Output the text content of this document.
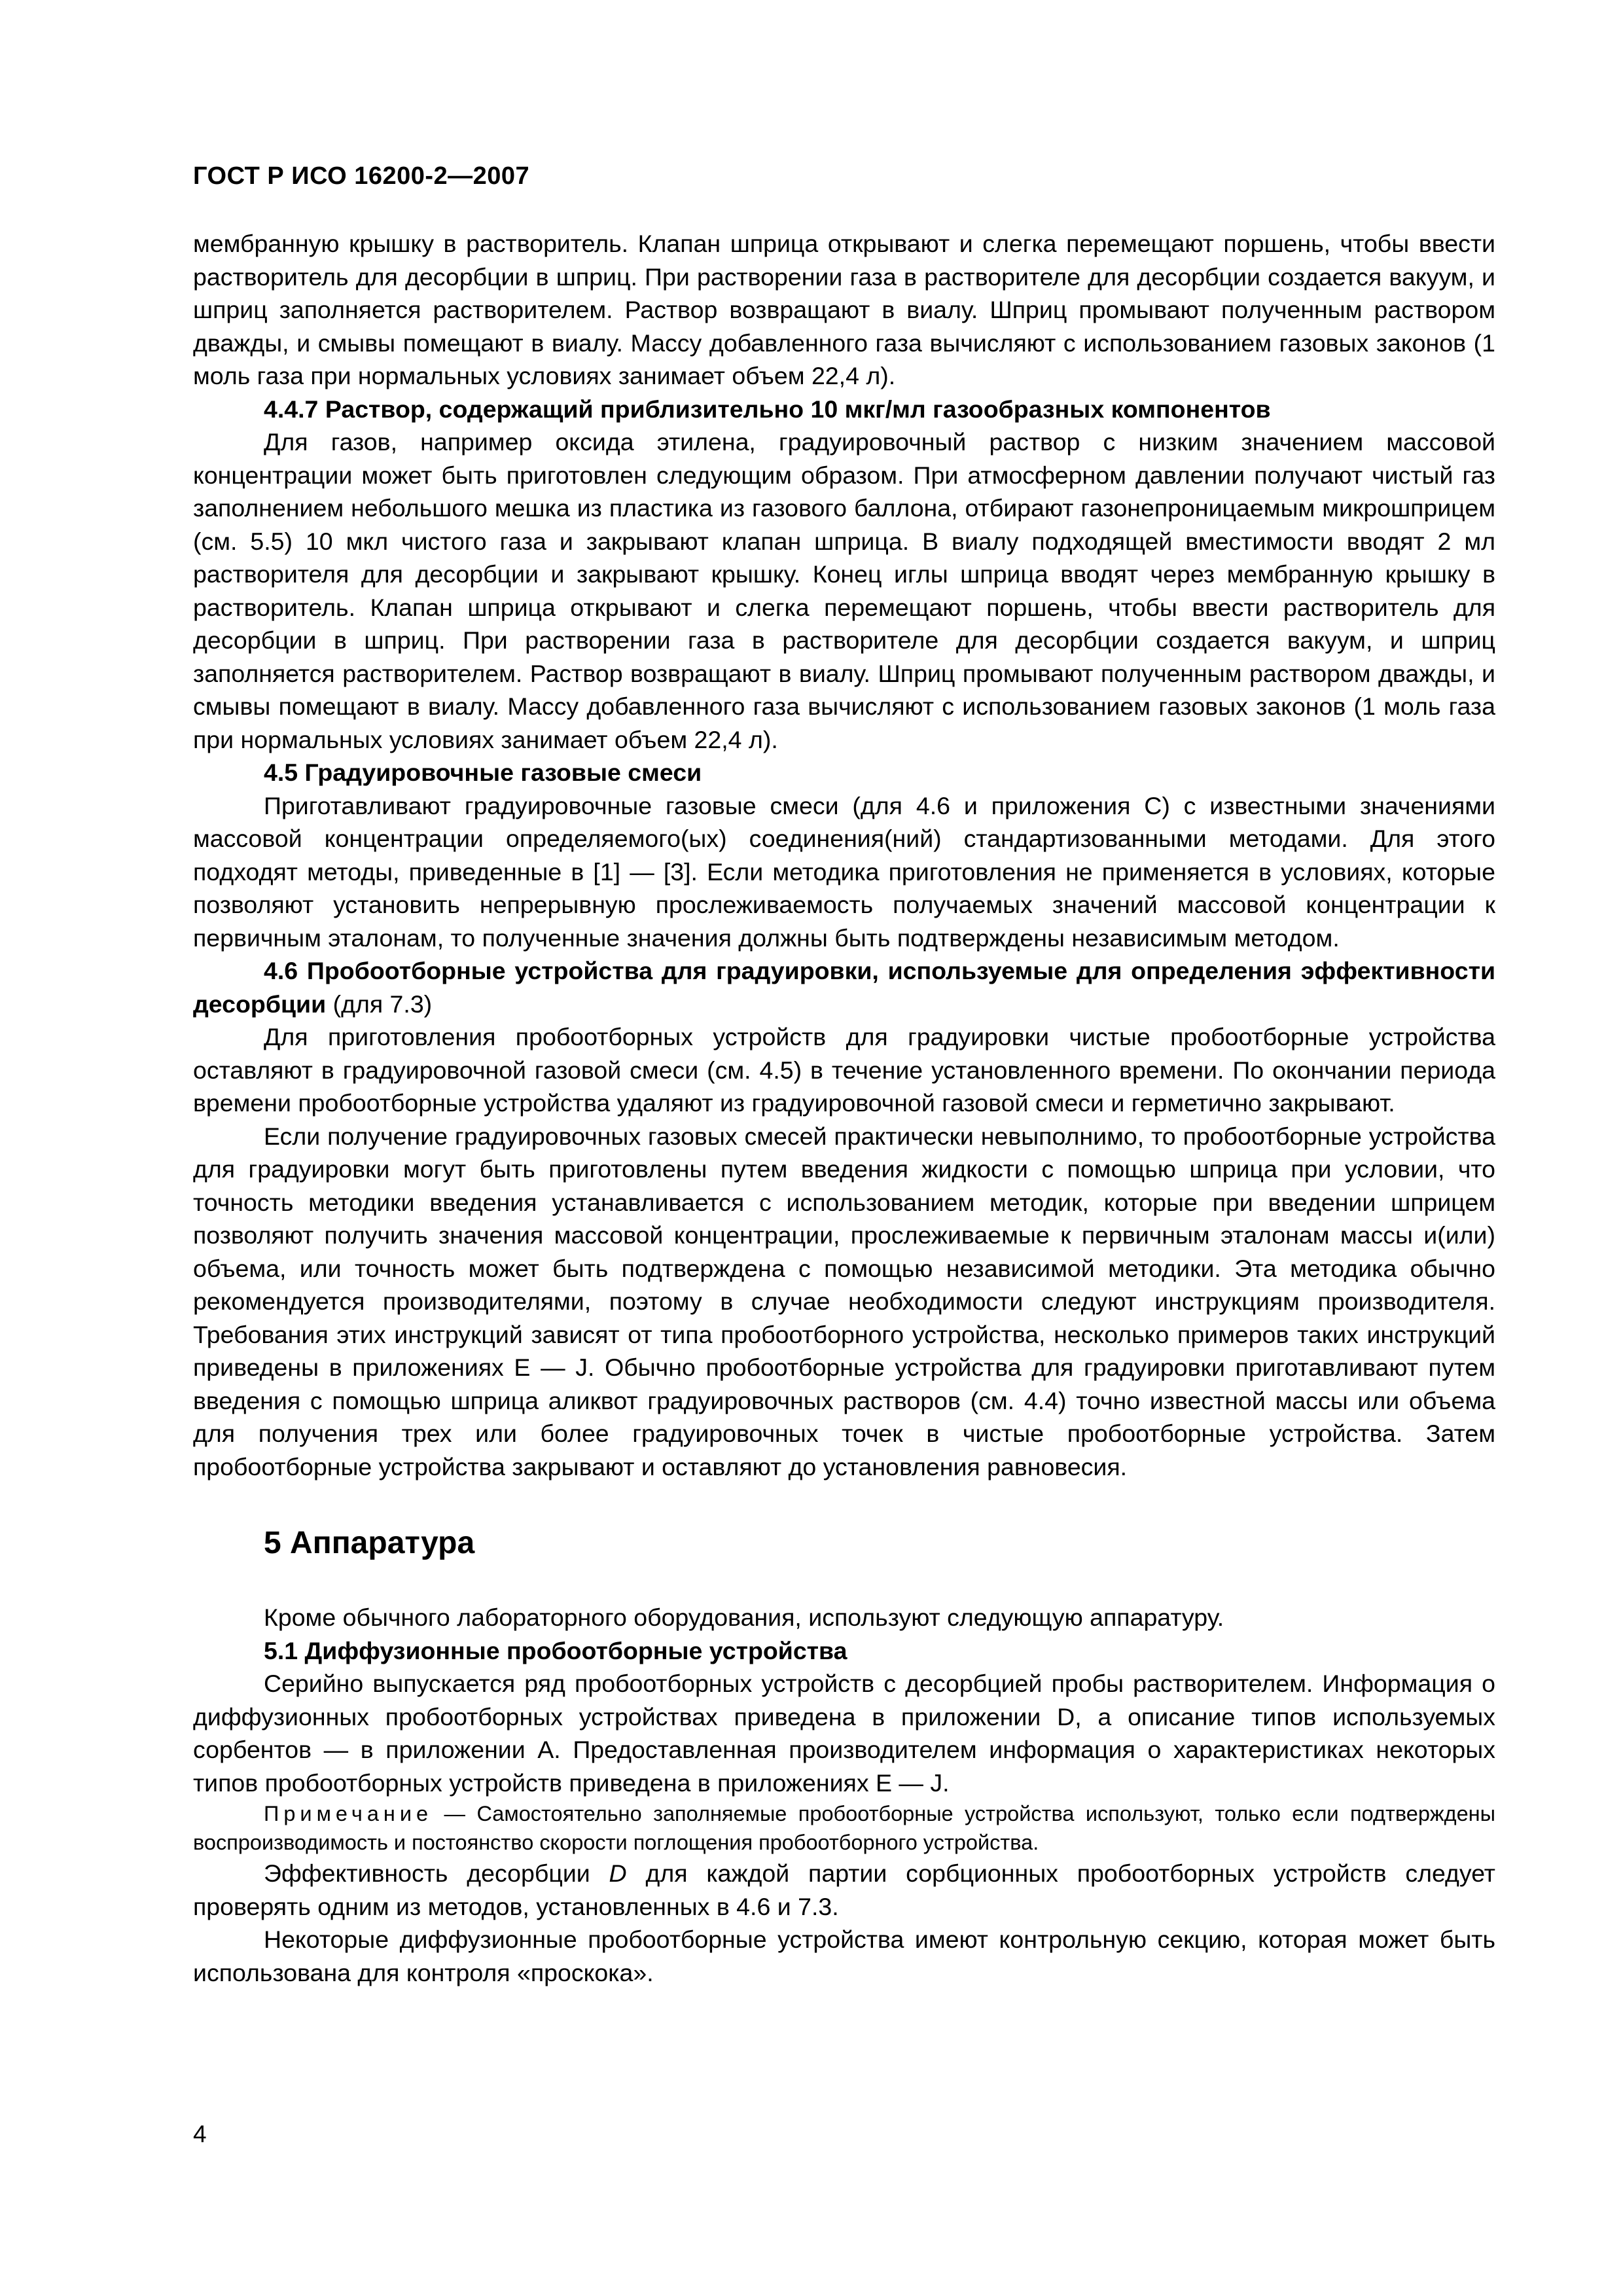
ГОСТ Р ИСО 16200-2—2007

мембранную крышку в растворитель. Клапан шприца открывают и слегка перемещают поршень, чтобы ввести растворитель для десорбции в шприц. При растворении газа в растворителе для десорбции создается вакуум, и шприц заполняется растворителем. Раствор возвращают в виалу. Шприц промывают полученным раствором дважды, и смывы помещают в виалу. Массу добавленного газа вычисляют с использованием газовых законов (1 моль газа при нормальных условиях занимает объем 22,4 л).

4.4.7 Раствор, содержащий приблизительно 10 мкг/мл газообразных компонентов

Для газов, например оксида этилена, градуировочный раствор с низким значением массовой концентрации может быть приготовлен следующим образом. При атмосферном давлении получают чистый газ заполнением небольшого мешка из пластика из газового баллона, отбирают газонепроницаемым микрошприцем (см. 5.5) 10 мкл чистого газа и закрывают клапан шприца. В виалу подходящей вместимости вводят 2 мл растворителя для десорбции и закрывают крышку. Конец иглы шприца вводят через мембранную крышку в растворитель. Клапан шприца открывают и слегка перемещают поршень, чтобы ввести растворитель для десорбции в шприц. При растворении газа в растворителе для десорбции создается вакуум, и шприц заполняется растворителем. Раствор возвращают в виалу. Шприц промывают полученным раствором дважды, и смывы помещают в виалу. Массу добавленного газа вычисляют с использованием газовых законов (1 моль газа при нормальных условиях занимает объем 22,4 л).

4.5 Градуировочные газовые смеси

Приготавливают градуировочные газовые смеси (для 4.6 и приложения С) с известными значениями массовой концентрации определяемого(ых) соединения(ний) стандартизованными методами. Для этого подходят методы, приведенные в [1] — [3]. Если методика приготовления не применяется в условиях, которые позволяют установить непрерывную прослеживаемость получаемых значений массовой концентрации к первичным эталонам, то полученные значения должны быть подтверждены независимым методом.

4.6 Пробоотборные устройства для градуировки, используемые для определения эффективности десорбции (для 7.3)

Для приготовления пробоотборных устройств для градуировки чистые пробоотборные устройства оставляют в градуировочной газовой смеси (см. 4.5) в течение установленного времени. По окончании периода времени пробоотборные устройства удаляют из градуировочной газовой смеси и герметично закрывают.

Если получение градуировочных газовых смесей практически невыполнимо, то пробоотборные устройства для градуировки могут быть приготовлены путем введения жидкости с помощью шприца при условии, что точность методики введения устанавливается с использованием методик, которые при введении шприцем позволяют получить значения массовой концентрации, прослеживаемые к первичным эталонам массы и(или) объема, или точность может быть подтверждена с помощью независимой методики. Эта методика обычно рекомендуется производителями, поэтому в случае необходимости следуют инструкциям производителя. Требования этих инструкций зависят от типа пробоотборного устройства, несколько примеров таких инструкций приведены в приложениях E — J. Обычно пробоотборные устройства для градуировки приготавливают путем введения с помощью шприца аликвот градуировочных растворов (см. 4.4) точно известной массы или объема для получения трех или более градуировочных точек в чистые пробоотборные устройства. Затем пробоотборные устройства закрывают и оставляют до установления равновесия.

5 Аппаратура

Кроме обычного лабораторного оборудования, используют следующую аппаратуру.

5.1 Диффузионные пробоотборные устройства

Серийно выпускается ряд пробоотборных устройств с десорбцией пробы растворителем. Информация о диффузионных пробоотборных устройствах приведена в приложении D, а описание типов используемых сорбентов — в приложении А. Предоставленная производителем информация о характеристиках некоторых типов пробоотборных устройств приведена в приложениях E — J.

Примечание — Самостоятельно заполняемые пробоотборные устройства используют, только если подтверждены воспроизводимость и постоянство скорости поглощения пробоотборного устройства.

Эффективность десорбции D для каждой партии сорбционных пробоотборных устройств следует проверять одним из методов, установленных в 4.6 и 7.3.

Некоторые диффузионные пробоотборные устройства имеют контрольную секцию, которая может быть использована для контроля «проскока».

4
